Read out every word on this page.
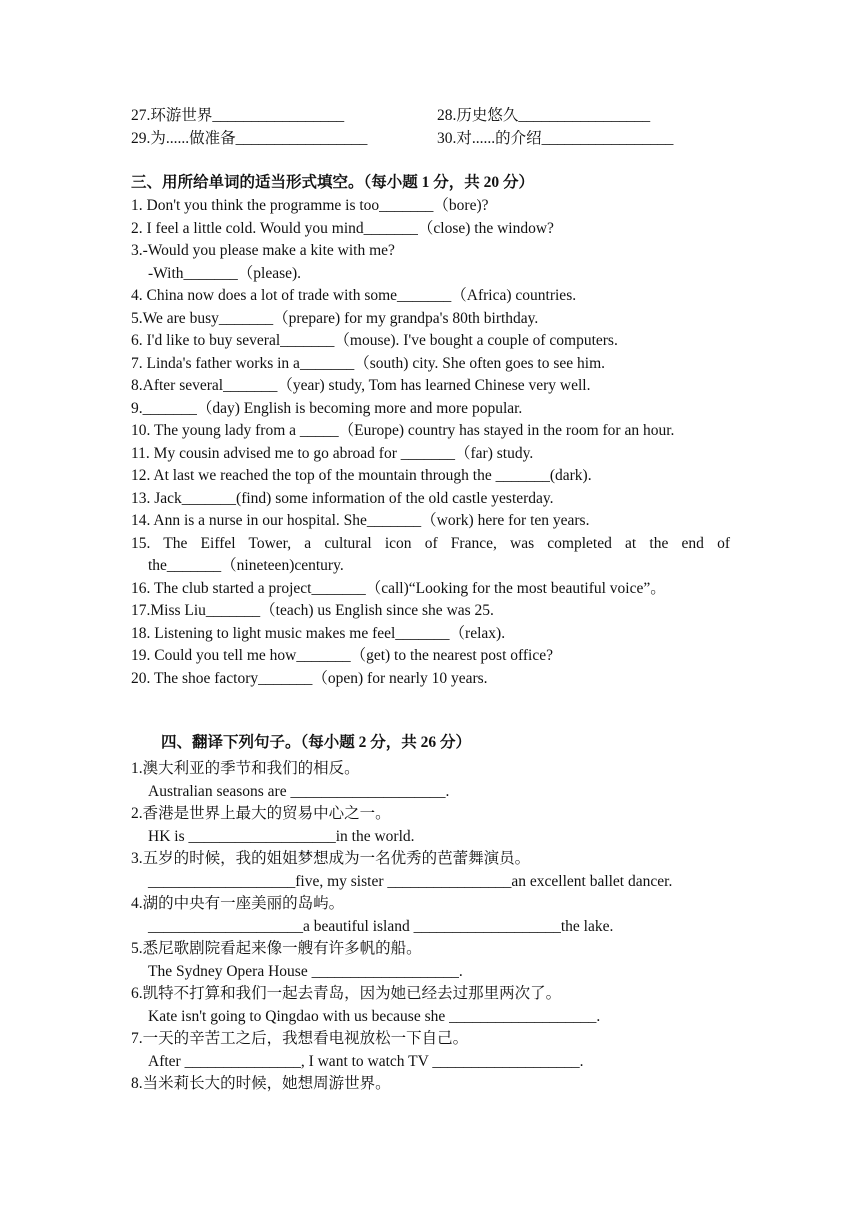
27.环游世界_________________	28.历史悠久_________________
29.为......做准备_________________	30.对......的介绍_________________
三、用所给单词的适当形式填空。（每小题 1 分，共 20 分）
1. Don't you think the programme is too_______（bore)?
2. I feel a little cold. Would you mind_______（close) the window?
3.-Would you please make a kite with me?
-With_______（please).
4. China now does a lot of trade with some_______（Africa) countries.
5.We are busy_______（prepare) for my grandpa's 80th birthday.
6. I'd like to buy several_______（mouse). I've bought a couple of computers.
7. Linda's father works in a_______（south) city. She often goes to see him.
8.After several_______（year) study, Tom has learned Chinese very well.
9._______（day) English is becoming more and more popular.
10. The young lady from a _____（Europe) country has stayed in the room for an hour.
11. My cousin advised me to go abroad for _______（far) study.
12. At last we reached the top of the mountain through the _______(dark).
13. Jack_______(find) some information of the old castle yesterday.
14. Ann is a nurse in our hospital. She_______（work) here for ten years.
15. The Eiffel Tower, a cultural icon of France, was completed at the end of
the_______（nineteen)century.
16. The club started a project_______（call)“Looking for the most beautiful voice”。
17.Miss Liu_______（teach) us English since she was 25.
18. Listening to light music makes me feel_______（relax).
19. Could you tell me how_______（get) to the nearest post office?
20. The shoe factory_______（open) for nearly 10 years.
四、翻译下列句子。（每小题 2 分，共 26 分）
1.澳大利亚的季节和我们的相反。
Australian seasons are ____________________.
2.香港是世界上最大的贸易中心之一。
HK is ___________________in the world.
3.五岁的时候，我的姐姐梦想成为一名优秀的芭蕾舞演员。
___________________five, my sister ________________an excellent ballet dancer.
4.湖的中央有一座美丽的岛屿。
____________________a beautiful island ___________________the lake.
5.悉尼歌剧院看起来像一艘有许多帆的船。
The Sydney Opera House ___________________.
6.凯特不打算和我们一起去青岛，因为她已经去过那里两次了。
Kate isn't going to Qingdao with us because she ___________________.
7.一天的辛苦工之后，我想看电视放松一下自己。
After _______________, I want to watch TV ___________________.
8.当米莉长大的时候，她想周游世界。
